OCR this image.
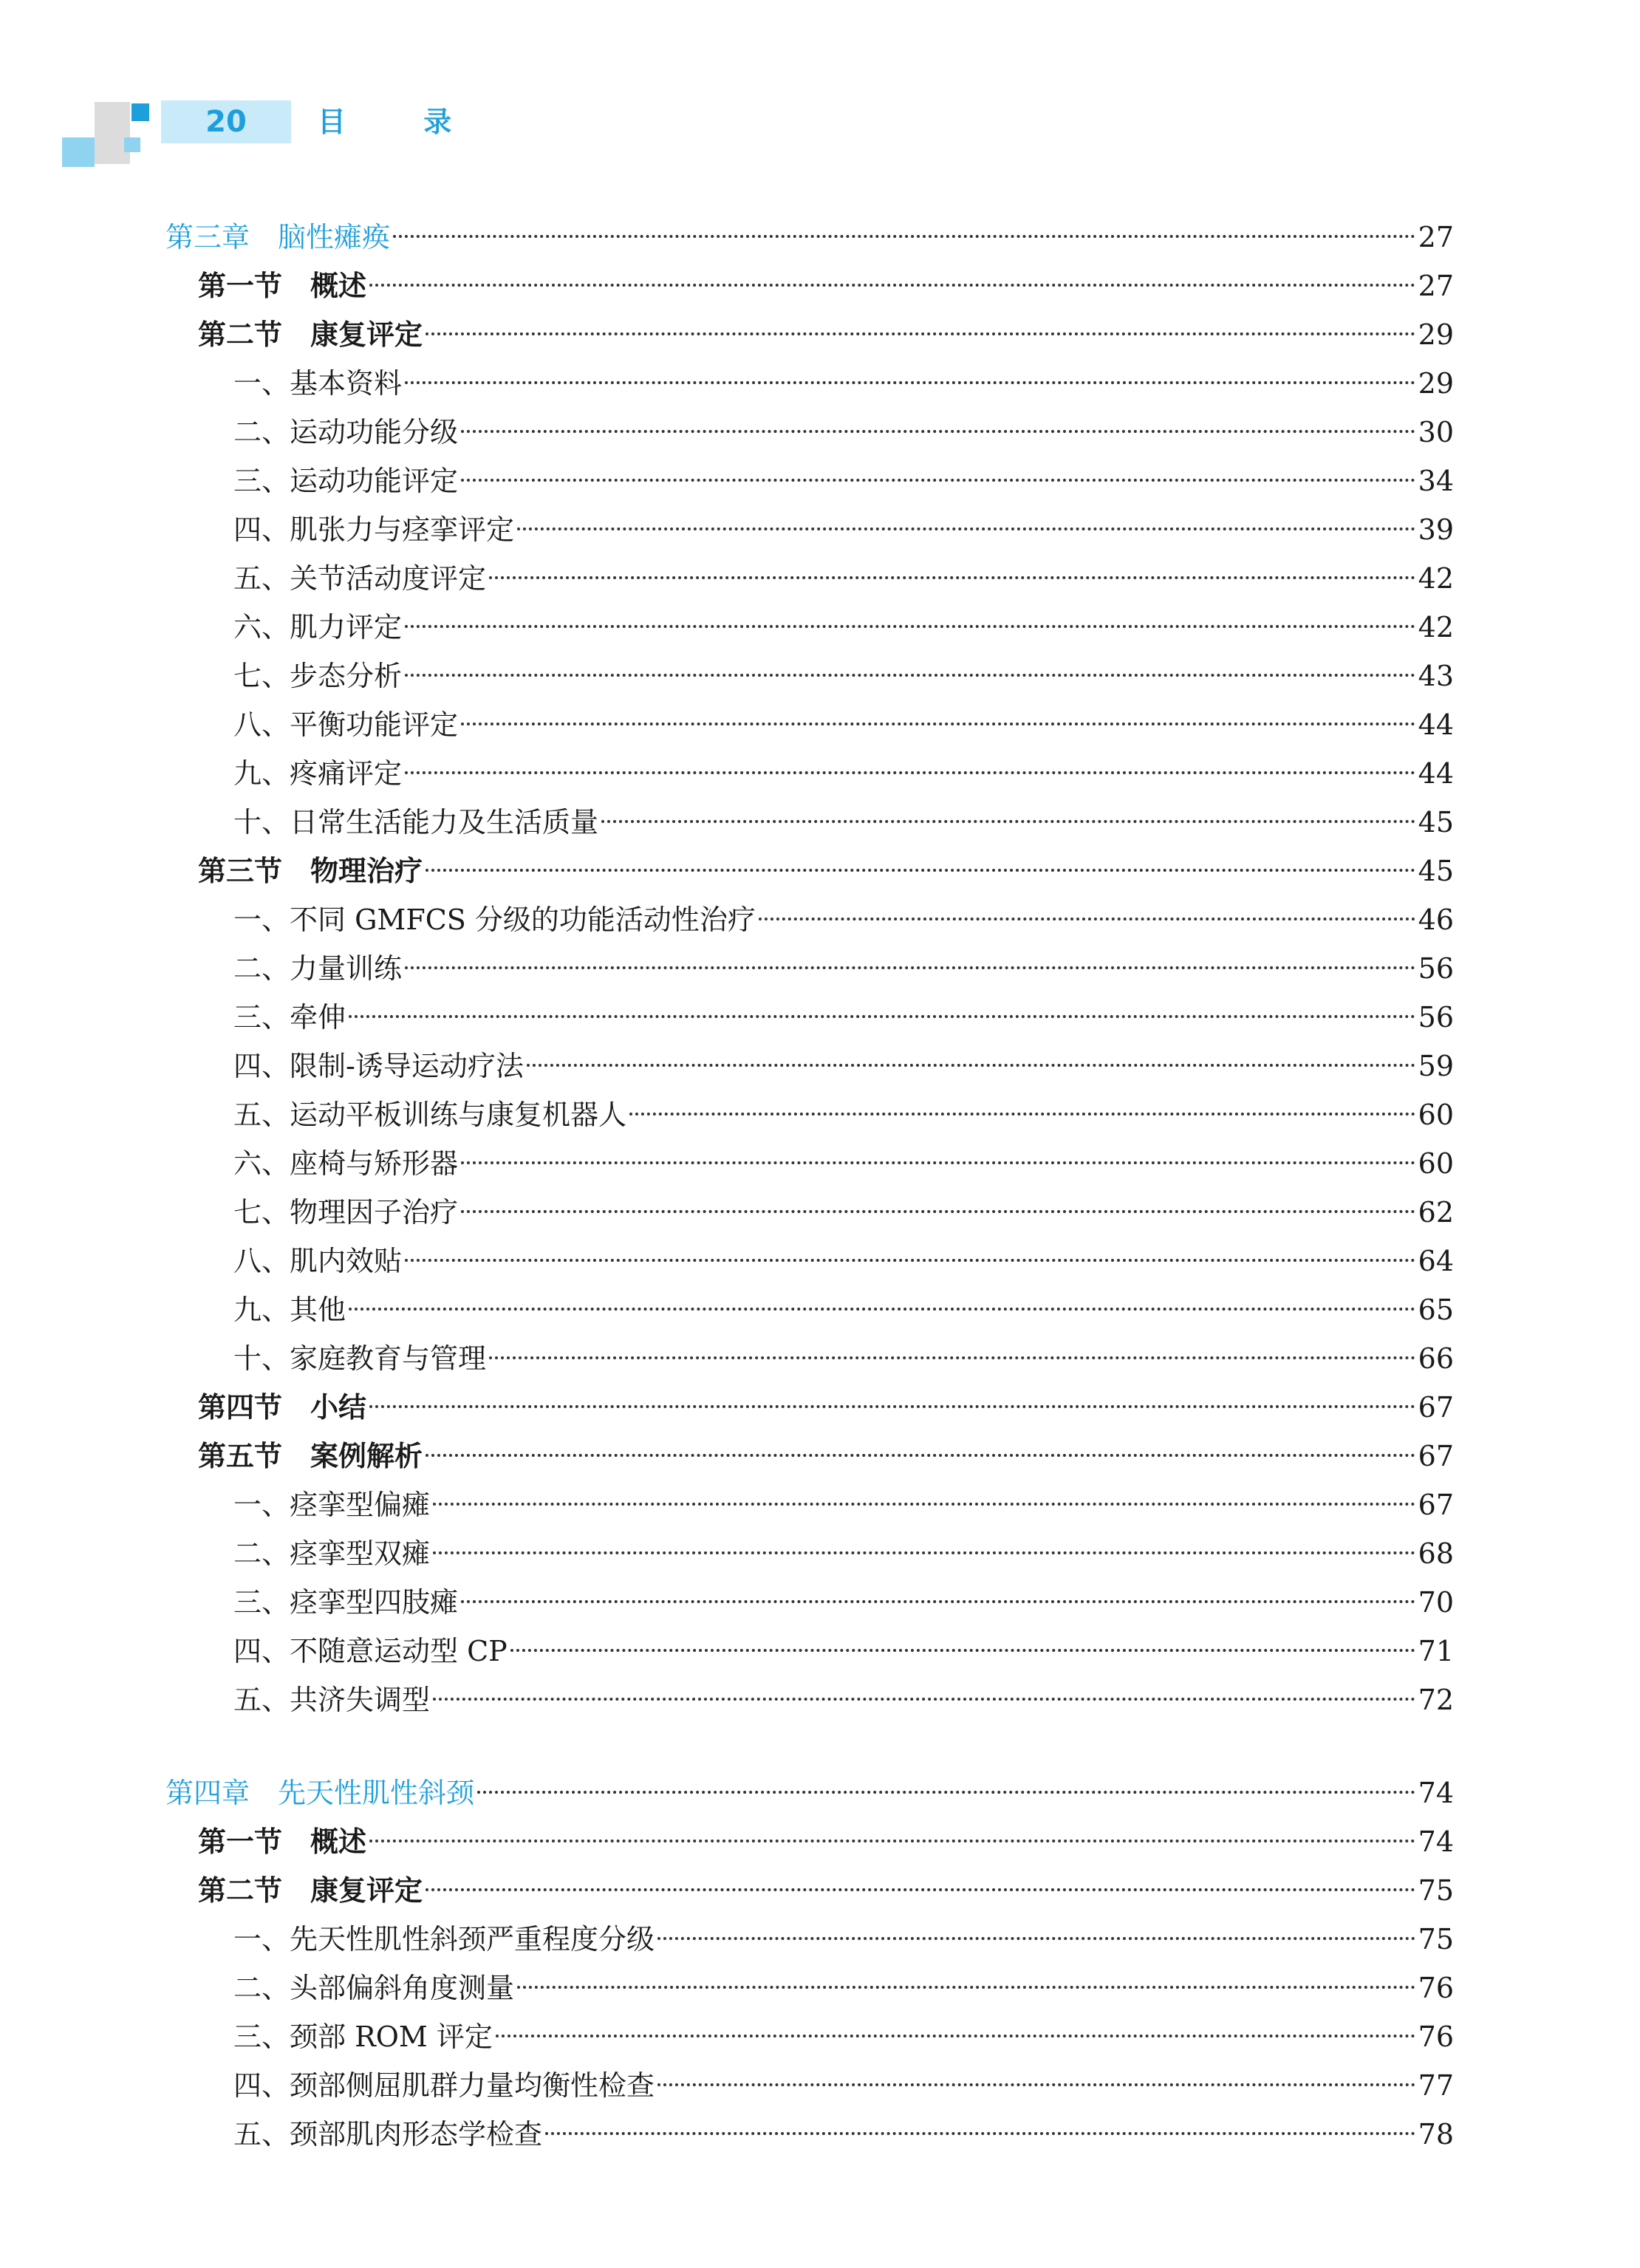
20	目 录
第三章　脑性瘫痪	27
第一节　概述	27
第二节　康复评定	29
一、基本资料	29
二、运动功能分级	30
三、运动功能评定	34
四、肌张力与痉挛评定	39
五、关节活动度评定	42
六、肌力评定	42
七、步态分析	43
八、平衡功能评定	44
九、疼痛评定	44
十、日常生活能力及生活质量	45
第三节　物理治疗	45
一、不同 GMFCS 分级的功能活动性治疗	46
二、力量训练	56
三、牵伸	56
四、限制-诱导运动疗法	59
五、运动平板训练与康复机器人	60
六、座椅与矫形器	60
七、物理因子治疗	62
八、肌内效贴	64
九、其他	65
十、家庭教育与管理	66
第四节　小结	67
第五节　案例解析	67
一、痉挛型偏瘫	67
二、痉挛型双瘫	68
三、痉挛型四肢瘫	70
四、不随意运动型 CP	71
五、共济失调型	72
第四章　先天性肌性斜颈	74
第一节　概述	74
第二节　康复评定	75
一、先天性肌性斜颈严重程度分级	75
二、头部偏斜角度测量	76
三、颈部 ROM 评定	76
四、颈部侧屈肌群力量均衡性检查	77
五、颈部肌肉形态学检查	78
